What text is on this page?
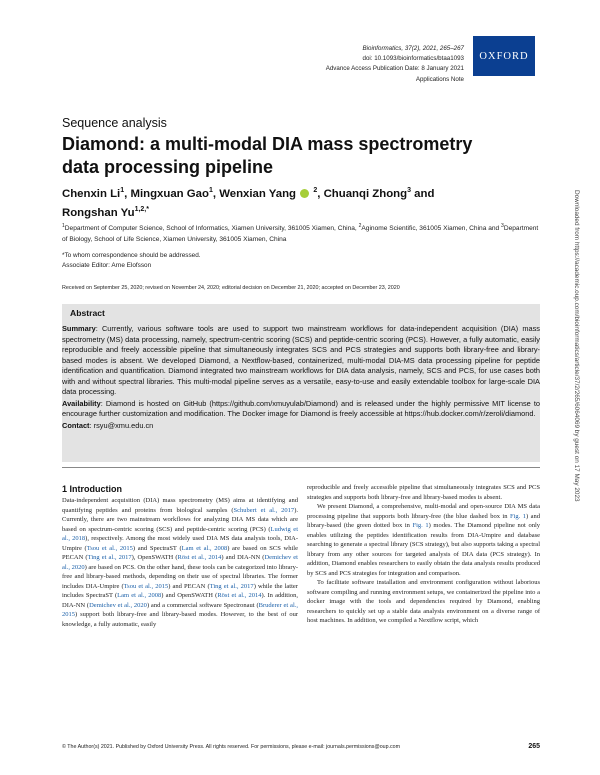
Bioinformatics, 37(2), 2021, 265–267
doi: 10.1093/bioinformatics/btaa1093
Advance Access Publication Date: 8 January 2021
Applications Note
OXFORD
Sequence analysis
Diamond: a multi-modal DIA mass spectrometry data processing pipeline
Chenxin Li$^1$, Mingxuan Gao$^1$, Wenxian Yang $^2$, Chuanqi Zhong$^3$ and
Rongshan $Yu^{1,2,*}$
$^1$Department of Computer Science, School of Informatics, Xiamen University, 361005 Xiamen, China, $^2$Aginome Scientific, 361005 Xiamen, China and $^3$Department of Biology, School of Life Science, Xiamen University, 361005 Xiamen, China
*To whom correspondence should be addressed.
Associate Editor: Arne Elofsson
Received on September 25, 2020; revised on November 24, 2020; editorial decision on December 21, 2020; accepted on December 23, 2020
Abstract

Summary: Currently, various software tools are used to support two mainstream workflows for data-independent acquisition (DIA) mass spectrometry (MS) data processing, namely, spectrum-centric scoring (SCS) and peptide-centric scoring (PCS). However, a fully automatic, easily reproducible and freely accessible pipeline that simultaneously integrates SCS and PCS strategies and supports both library-free and library-based modes is absent. We developed Diamond, a Nextflow-based, containerized, multi-modal DIA-MS data processing pipeline for peptide identification and quantification. Diamond integrated two mainstream workflows for DIA data analysis, namely, SCS and PCS, for use cases both with and without spectral libraries. This multi-modal pipeline serves as a versatile, easy-to-use and easily extendable toolbox for large-scale DIA data processing.

Availability: Diamond is hosted on GitHub (https://github.com/xmuyulab/Diamond) and is released under the highly permissive MIT license to encourage further customization and modification. The Docker image for Diamond is freely accessible at https://hub.docker.com/r/zeroli/diamond.

Contact: rsyu@xmu.edu.cn

1 Introduction

Data-independent acquisition (DIA) mass spectrometry (MS) aims at identifying and quantifying peptides and proteins from biological samples (Schubert et al., 2017). Currently, there are two mainstream workflows for analyzing DIA MS data which are based on spectrum-centric scoring (SCS) and peptide-centric scoring (PCS) (Ludwig et al., 2018), respectively. Among the most widely used DIA MS data analysis tools, DIA-Umpire (Tsou et al., 2015) and SpectraST (Lam et al., 2008) are based on SCS while PECAN (Ting et al., 2017), OpenSWATH (Röst et al., 2014) and DIA-NN (Demichev et al., 2020) are based on PCS. On the other hand, these tools can be categorized into library-free and library-based methods, depending on their use of spectral libraries. The former includes DIA-Umpire (Tsou et al., 2015) and PECAN (Ting et al., 2017) while the latter includes SpectraST (Lam et al., 2008) and OpenSWATH (Röst et al., 2014). In addition, DIA-NN (Demichev et al., 2020) and a commercial software Spectronaut (Bruderer et al., 2015) support both library-free and library-based modes. However, to the best of our knowledge, a fully automatic, easily

reproducible and freely accessible pipeline that simultaneously integrates SCS and PCS strategies and supports both library-free and library-based modes is absent.

We present Diamond, a comprehensive, multi-modal and open-source DIA MS data processing pipeline that supports both library-free (the blue dashed box in Fig. 1) and library-based (the green dotted box in Fig. 1) modes. The Diamond pipeline not only enables utilizing the peptides identification results from DIA-Umpire and database searching to generate a spectral library (SCS strategy), but also supports taking a spectral library from any other sources for targeted analysis of DIA data (PCS strategy). In addition, Diamond enables researchers to easily obtain the data analysis results produced by SCS and PCS strategies for integration and comparison.

To facilitate software installation and environment configuration without laborious software compiling and running environment setups, we containerized the pipeline into a docker image with the tools and dependencies required by Diamond, enabling researchers to quickly set up a stable data analysis environment on a diverse range of host machines. In addition, we compiled a Nextflow script, which

© The Author(s) 2021. Published by Oxford University Press. All rights reserved. For permissions, please e-mail: journals.permissions@oup.com	265
Downloaded from https://academic.oup.com/bioinformatics/article/37/2/265/6064069 by guest on 17 May 2023
